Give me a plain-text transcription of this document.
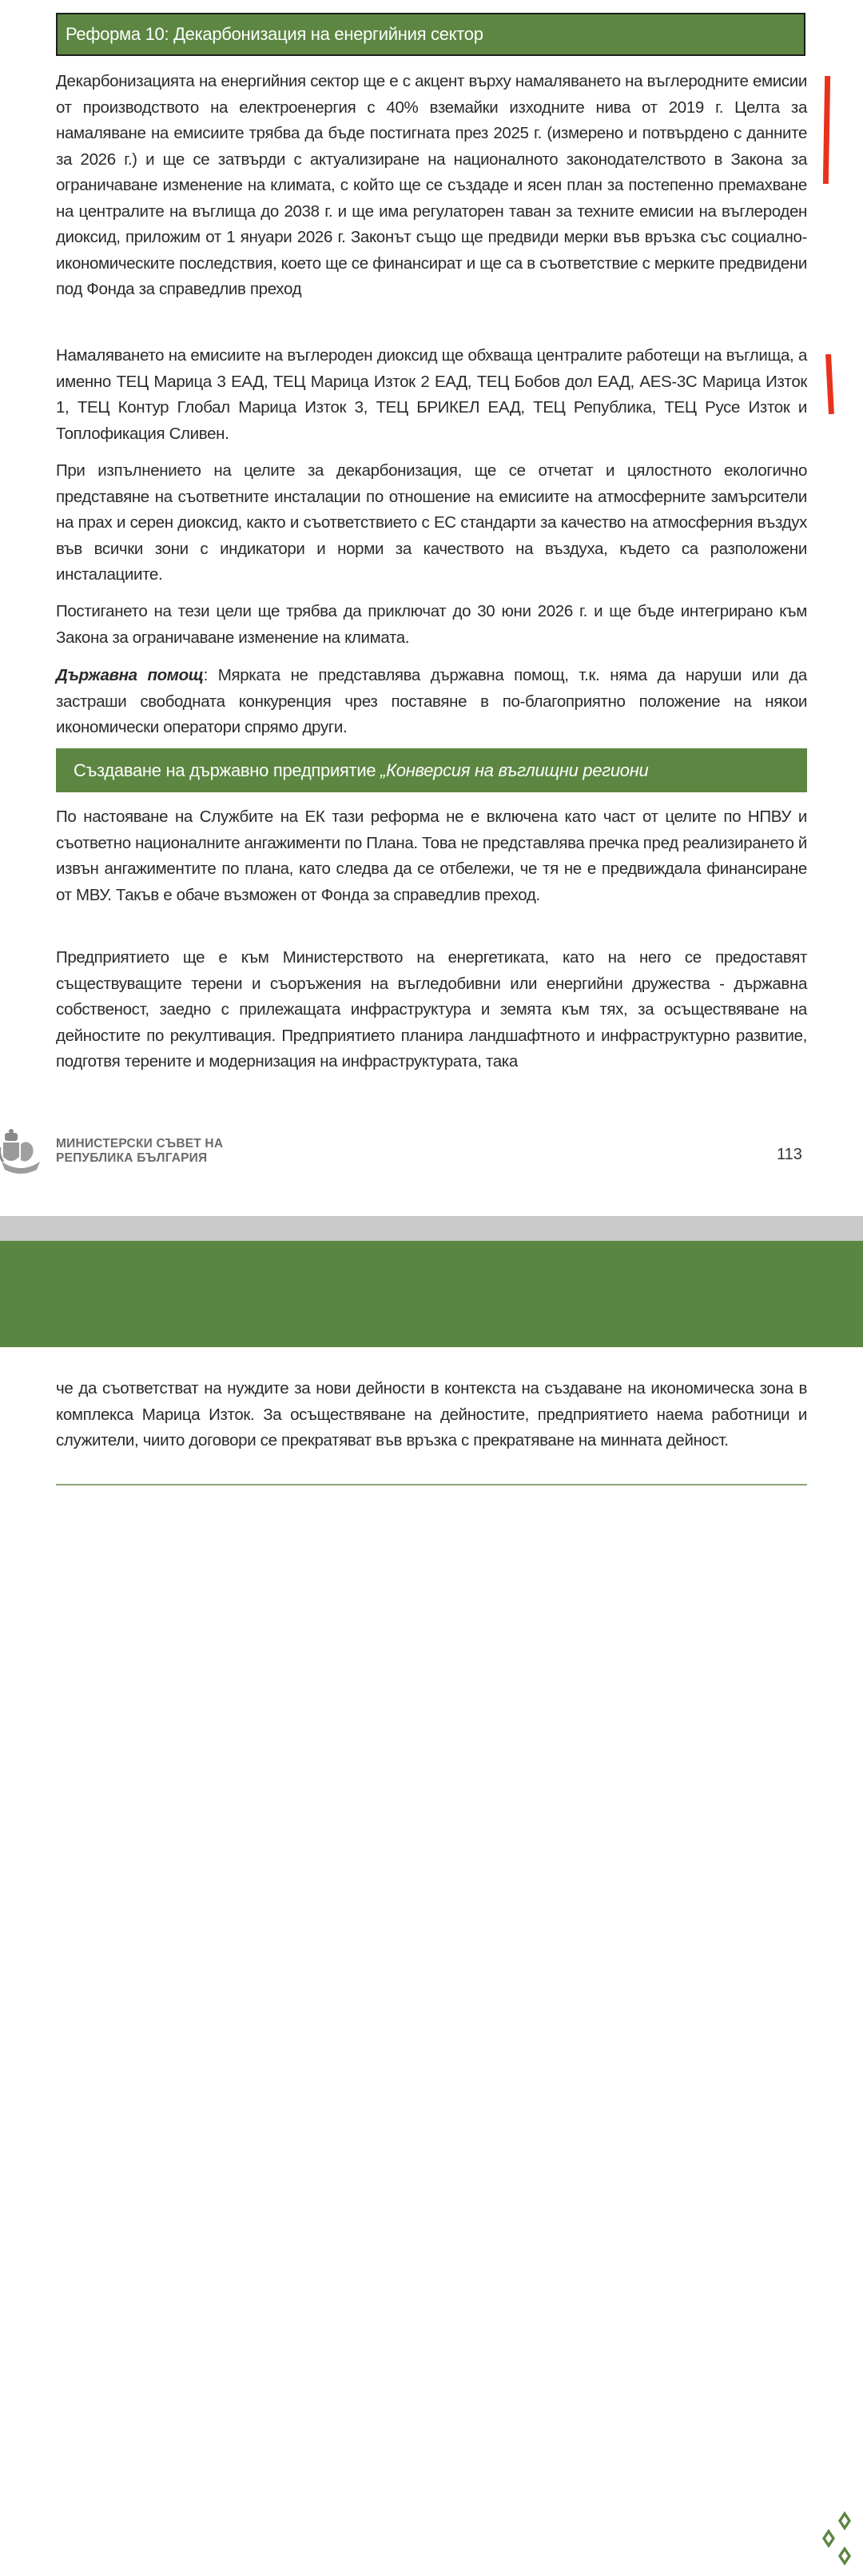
Реформа 10: Декарбонизация на енергийния сектор

Декарбонизацията на енергийния сектор ще е с акцент върху намаляването на въглеродните емисии от производството на електроенергия с 40% вземайки изходните нива от 2019 г. Целта за намаляване на емисиите трябва да бъде постигната през 2025 г. (измерено и потвърдено с данните за 2026 г.) и ще се затвърди с актуализиране на националното законодателството в Закона за ограничаване изменение на климата, с който ще се създаде и ясен план за постепенно премахване на централите на въглища до 2038 г. и ще има регулаторен таван за техните емисии на въглероден диоксид, приложим от 1 януари 2026 г. Законът също ще предвиди мерки във връзка със социално-икономическите последствия, което ще се финансират и ще са в съответствие с мерките предвидени под Фонда за справедлив преход

Намаляването на емисиите на въглероден диоксид ще обхваща централите работещи на въглища, а именно ТЕЦ Марица 3 ЕАД, ТЕЦ Марица Изток 2 ЕАД, ТЕЦ Бобов дол ЕАД, AES-3C Марица Изток 1, ТЕЦ Контур Глобал Марица Изток 3, ТЕЦ БРИКЕЛ ЕАД, ТЕЦ Република, ТЕЦ Русе Изток и Топлофикация Сливен.

При изпълнението на целите за декарбонизация, ще се отчетат и цялостното екологично представяне на съответните инсталации по отношение на емисиите на атмосферните замърсители на прах и серен диоксид, както и съответствието с ЕС стандарти за качество на атмосферния въздух във всички зони с индикатори и норми за качеството на въздуха, където са разположени инсталациите.

Постигането на тези цели ще трябва да приключат до 30 юни 2026 г. и ще бъде интегрирано към Закона за ограничаване изменение на климата.

Държавна помощ: Мярката не представлява държавна помощ, т.к. няма да наруши или да застраши свободната конкуренция чрез поставяне в по-благоприятно положение на някои икономически оператори спрямо други.

Създаване на държавно предприятие „Конверсия на въглищни региони

По настояване на Службите на ЕК тази реформа не е включена като част от целите по НПВУ и съответно националните ангажименти по Плана. Това не представлява пречка пред реализирането й извън ангажиментите по плана, като следва да се отбележи, че тя не е предвиждала финансиране от МВУ. Такъв е обаче възможен от Фонда за справедлив преход.

Предприятието ще е към Министерството на енергетиката, като на него се предоставят съществуващите терени и съоръжения на въгледобивни или енергийни дружества - държавна собственост, заедно с прилежащата инфраструктура и земята към тях, за осъществяване на дейностите по рекултивация. Предприятието планира ландшафтното и инфраструктурно развитие, подготвя терените и модернизация на инфраструктурата, така

МИНИСТЕРСКИ СЪВЕТ НА
РЕПУБЛИКА БЪЛГАРИЯ	113

че да съответстват на нуждите за нови дейности в контекста на създаване на икономическа зона в комплекса Марица Изток. За осъществяване на дейностите, предприятието наема работници и служители, чиито договори се прекратяват във връзка с прекратяване на минната дейност.
